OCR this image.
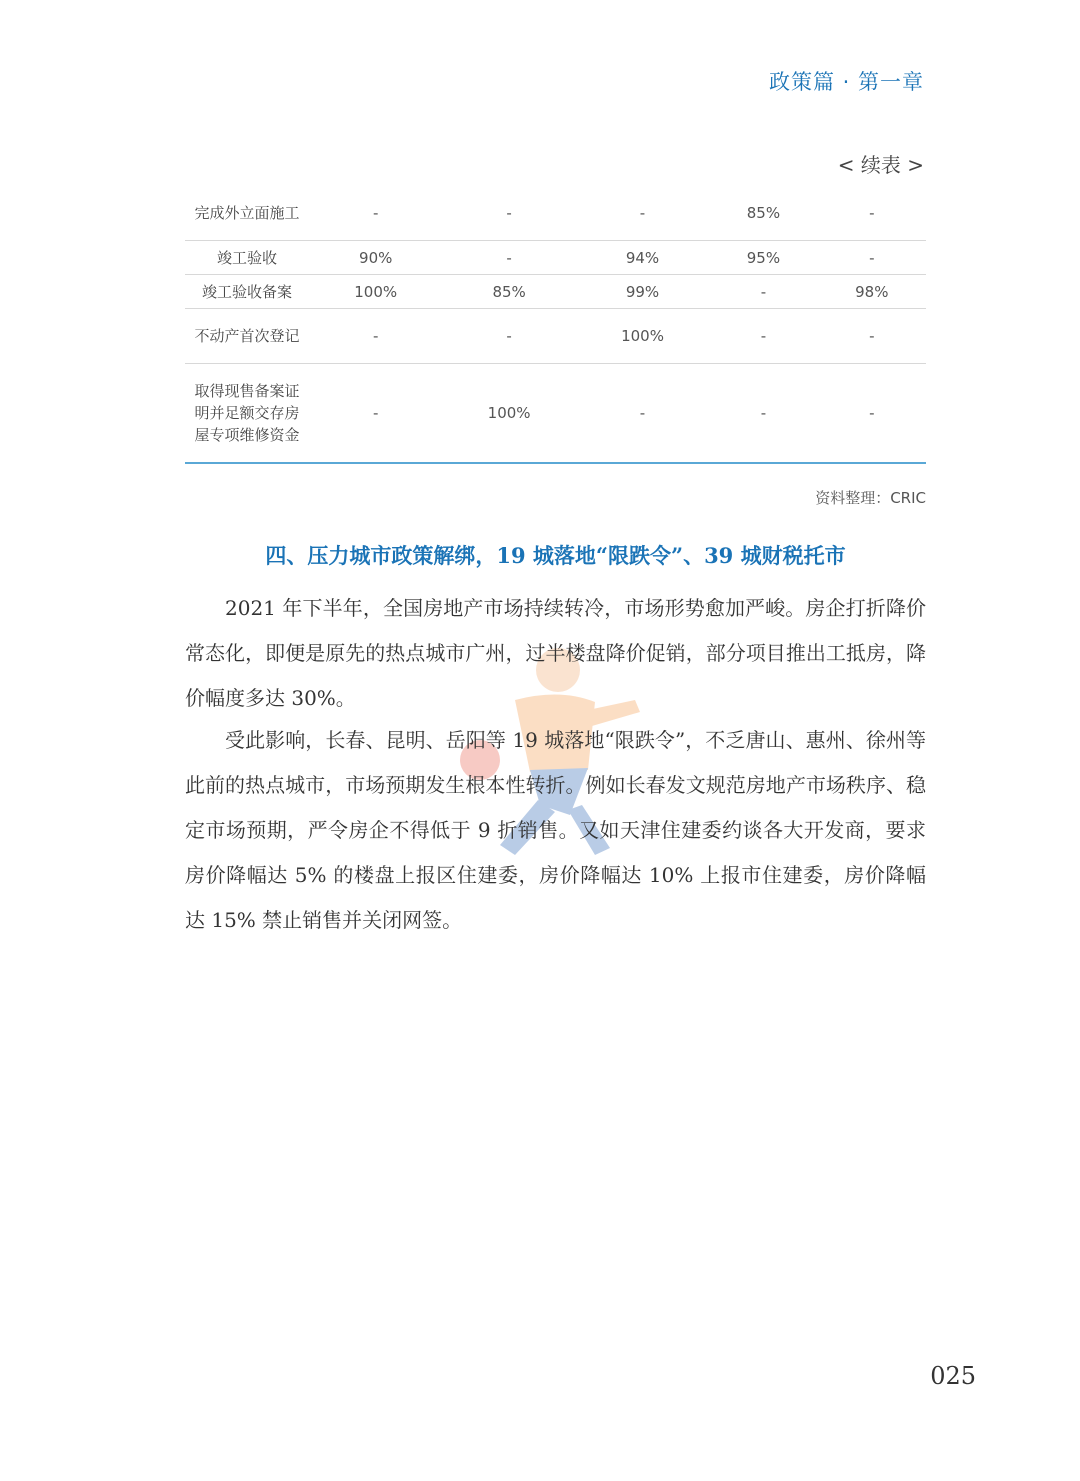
政策篇 · 第一章
< 续表 >
完成外立面施工	-	-	-	85%	-
竣工验收	90%	-	94%	95%	-
竣工验收备案	100%	85%	99%	-	98%
不动产首次登记	-	-	100%	-	-
取得现售备案证明并足额交存房屋专项维修资金	-	100%	-	-	-
资料整理：CRIC
四、压力城市政策解绑，19 城落地“限跌令”、39 城财税托市

2021 年下半年，全国房地产市场持续转冷，市场形势愈加严峻。房企打折降价常态化，即便是原先的热点城市广州，过半楼盘降价促销，部分项目推出工抵房，降价幅度多达 30%。

受此影响，长春、昆明、岳阳等 19 城落地“限跌令”，不乏唐山、惠州、徐州等此前的热点城市，市场预期发生根本性转折。例如长春发文规范房地产市场秩序、稳定市场预期，严令房企不得低于 9 折销售。又如天津住建委约谈各大开发商，要求房价降幅达 5% 的楼盘上报区住建委，房价降幅达 10% 上报市住建委，房价降幅达 15% 禁止销售并关闭网签。

025
